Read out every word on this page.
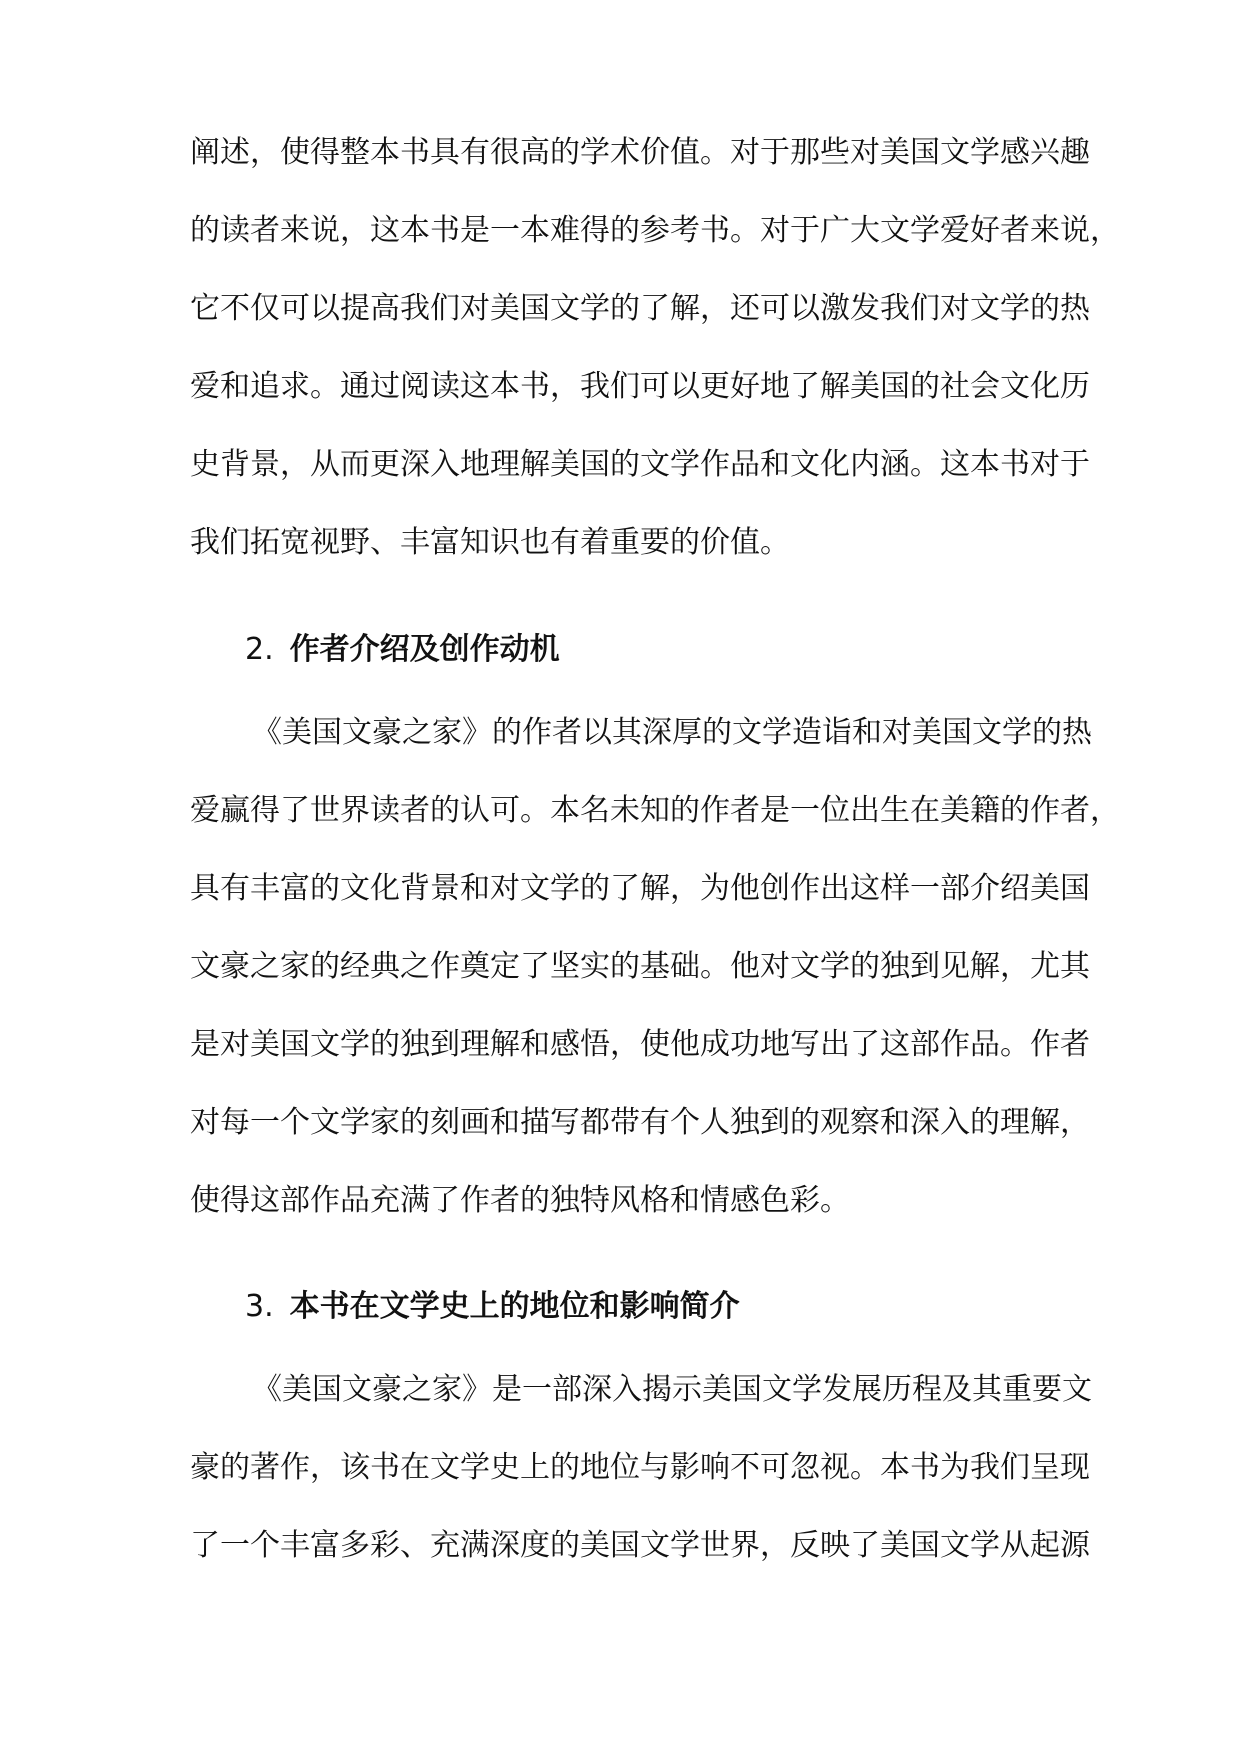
阐述，使得整本书具有很高的学术价值。对于那些对美国文学感兴趣
的读者来说，这本书是一本难得的参考书。对于广大文学爱好者来说，
它不仅可以提高我们对美国文学的了解，还可以激发我们对文学的热
爱和追求。通过阅读这本书，我们可以更好地了解美国的社会文化历
史背景，从而更深入地理解美国的文学作品和文化内涵。这本书对于
我们拓宽视野、丰富知识也有着重要的价值。
2. 作者介绍及创作动机
《美国文豪之家》的作者以其深厚的文学造诣和对美国文学的热
爱赢得了世界读者的认可。本名未知的作者是一位出生在美籍的作者，
具有丰富的文化背景和对文学的了解，为他创作出这样一部介绍美国
文豪之家的经典之作奠定了坚实的基础。他对文学的独到见解，尤其
是对美国文学的独到理解和感悟，使他成功地写出了这部作品。作者
对每一个文学家的刻画和描写都带有个人独到的观察和深入的理解，
使得这部作品充满了作者的独特风格和情感色彩。
3. 本书在文学史上的地位和影响简介
《美国文豪之家》是一部深入揭示美国文学发展历程及其重要文
豪的著作，该书在文学史上的地位与影响不可忽视。本书为我们呈现
了一个丰富多彩、充满深度的美国文学世界，反映了美国文学从起源
